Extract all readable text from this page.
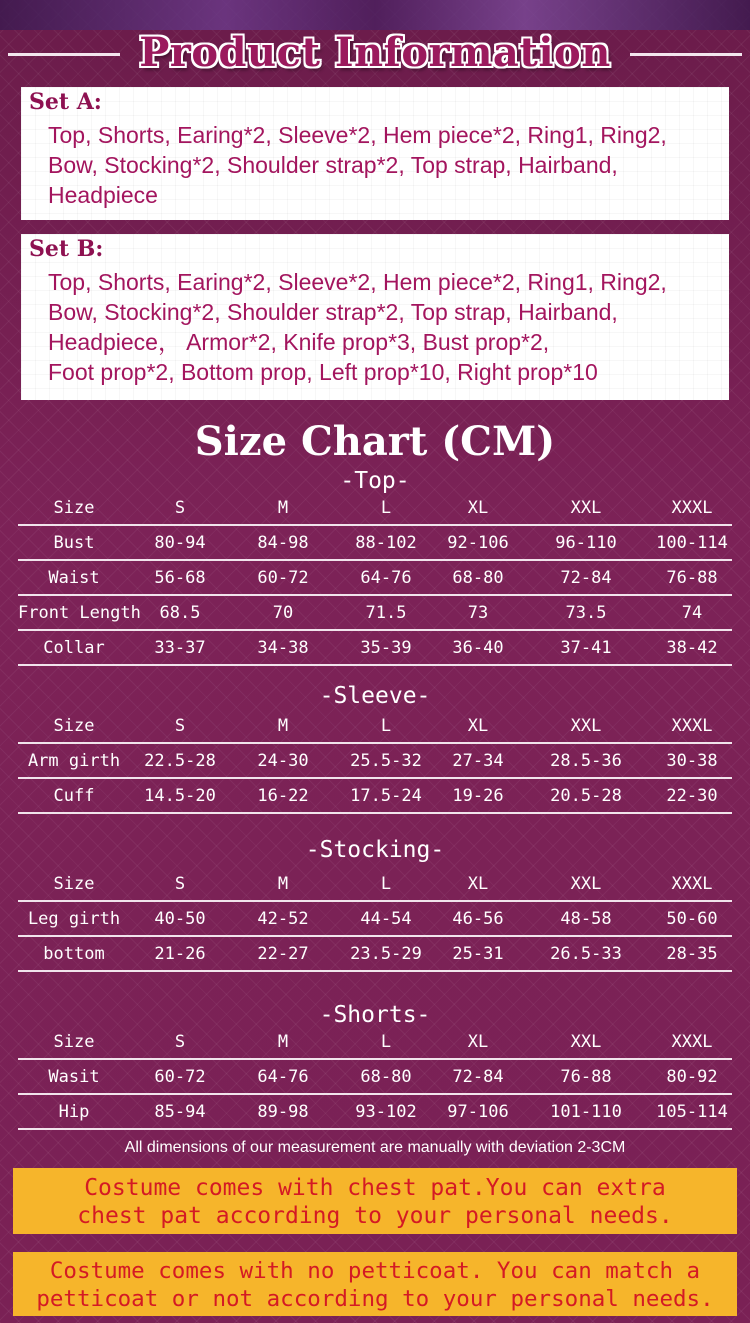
Product Information
Set A:
Top, Shorts, Earing*2, Sleeve*2, Hem piece*2, Ring1, Ring2,
Bow, Stocking*2, Shoulder strap*2, Top strap, Hairband,
Headpiece
Set B:
Top, Shorts, Earing*2, Sleeve*2, Hem piece*2, Ring1, Ring2,
Bow, Stocking*2, Shoulder strap*2, Top strap, Hairband,
Headpiece， Armor*2, Knife prop*3, Bust prop*2,
Foot prop*2, Bottom prop, Left prop*10, Right prop*10
Size Chart (CM)
-Top-
Size	S	M	L	XL	XXL	XXXL
Bust	80-94	84-98	88-102	92-106	96-110	100-114
Waist	56-68	60-72	64-76	68-80	72-84	76-88
Front Length	68.5	70	71.5	73	73.5	74
Collar	33-37	34-38	35-39	36-40	37-41	38-42
-Sleeve-
Size	S	M	L	XL	XXL	XXXL
Arm girth	22.5-28	24-30	25.5-32	27-34	28.5-36	30-38
Cuff	14.5-20	16-22	17.5-24	19-26	20.5-28	22-30
-Stocking-
Size	S	M	L	XL	XXL	XXXL
Leg girth	40-50	42-52	44-54	46-56	48-58	50-60
bottom	21-26	22-27	23.5-29	25-31	26.5-33	28-35
-Shorts-
Size	S	M	L	XL	XXL	XXXL
Wasit	60-72	64-76	68-80	72-84	76-88	80-92
Hip	85-94	89-98	93-102	97-106	101-110	105-114
All dimensions of our measurement are manually with deviation 2-3CM
Costume comes with chest pat.You can extra
chest pat according to your personal needs.
Costume comes with no petticoat. You can match a
petticoat or not according to your personal needs.
